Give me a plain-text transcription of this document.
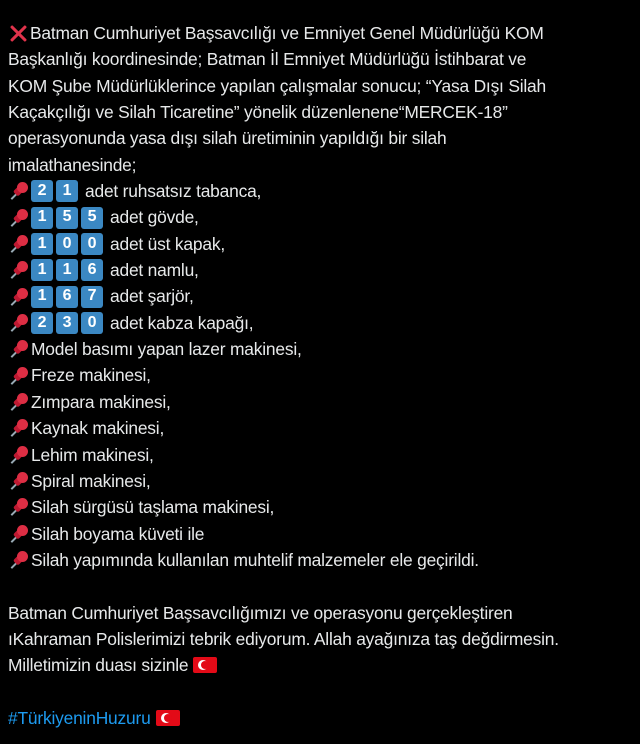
Batman Cumhuriyet Başsavcılığı ve Emniyet Genel Müdürlüğü KOM
Başkanlığı koordinesinde; Batman İl Emniyet Müdürlüğü İstihbarat ve
KOM Şube Müdürlüklerince yapılan çalışmalar sonucu; “Yasa Dışı Silah
Kaçakçılığı ve Silah Ticaretine” yönelik düzenlenene“MERCEK-18”
operasyonunda yasa dışı silah üretiminin yapıldığı bir silah
imalathanesinde;
2	1 adet ruhsatsız tabanca,
1	5	5 adet gövde,
1	0	0 adet üst kapak,
1	1	6 adet namlu,
1	6	7 adet şarjör,
2	3	0 adet kabza kapağı,
Model basımı yapan lazer makinesi,
Freze makinesi,
Zımpara makinesi,
Kaynak makinesi,
Lehim makinesi,
Spiral makinesi,
Silah sürgüsü taşlama makinesi,
Silah boyama küveti ile
Silah yapımında kullanılan muhtelif malzemeler ele geçirildi.
Batman Cumhuriyet Başsavcılığımızı ve operasyonu gerçekleştiren
ıKahraman Polislerimizi tebrik ediyorum. Allah ayağınıza taş değdirmesin.
Milletimizin duası sizinle
#TürkiyeninHuzuru
